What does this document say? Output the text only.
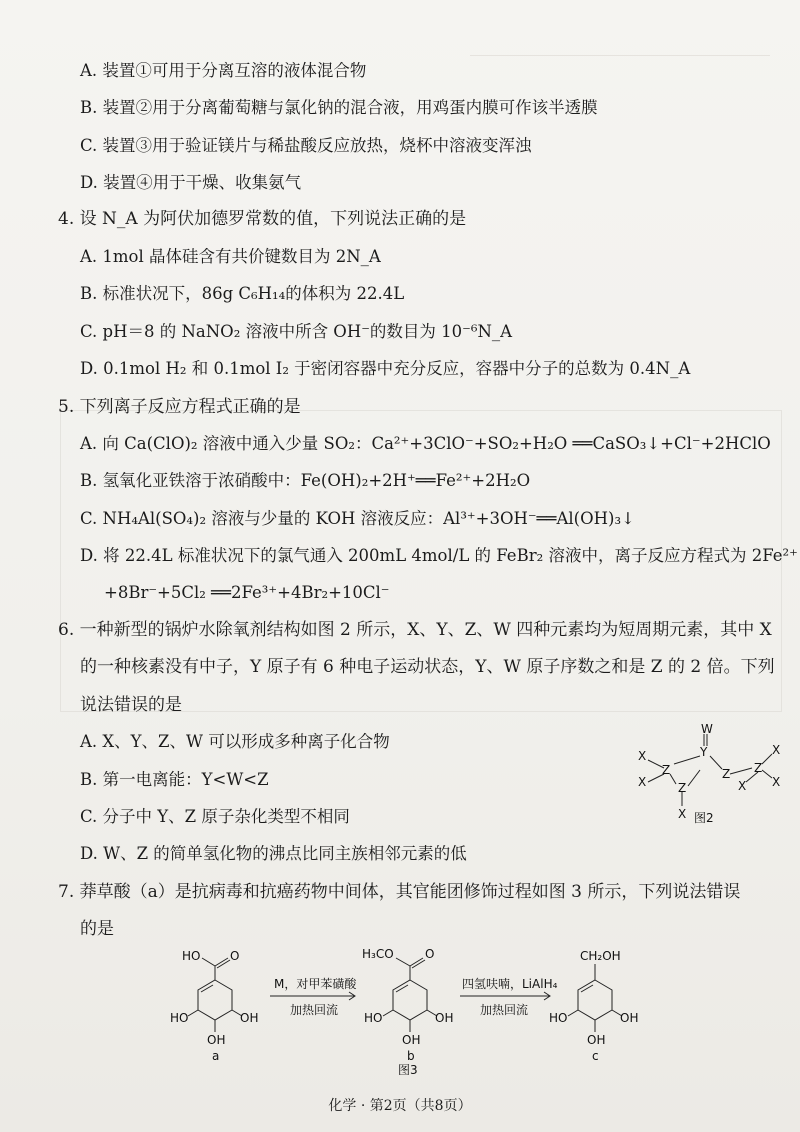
A. 装置①可用于分离互溶的液体混合物
B. 装置②用于分离葡萄糖与氯化钠的混合液，用鸡蛋内膜可作该半透膜
C. 装置③用于验证镁片与稀盐酸反应放热，烧杯中溶液变浑浊
D. 装置④用于干燥、收集氨气
4. 设 N_A 为阿伏加德罗常数的值，下列说法正确的是
A. 1mol 晶体硅含有共价键数目为 2N_A
B. 标准状况下，86g C₆H₁₄的体积为 22.4L
C. pH＝8 的 NaNO₂ 溶液中所含 OH⁻的数目为 10⁻⁶N_A
D. 0.1mol H₂ 和 0.1mol I₂ 于密闭容器中充分反应，容器中分子的总数为 0.4N_A
5. 下列离子反应方程式正确的是
A. 向 Ca(ClO)₂ 溶液中通入少量 SO₂：Ca²⁺+3ClO⁻+SO₂+H₂O ══CaSO₃↓+Cl⁻+2HClO
B. 氢氧化亚铁溶于浓硝酸中：Fe(OH)₂+2H⁺══Fe²⁺+2H₂O
C. NH₄Al(SO₄)₂ 溶液与少量的 KOH 溶液反应：Al³⁺+3OH⁻══Al(OH)₃↓
D. 将 22.4L 标准状况下的氯气通入 200mL 4mol/L 的 FeBr₂ 溶液中，离子反应方程式为 2Fe²⁺
+8Br⁻+5Cl₂ ══2Fe³⁺+4Br₂+10Cl⁻
6. 一种新型的锅炉水除氧剂结构如图 2 所示，X、Y、Z、W 四种元素均为短周期元素，其中 X
的一种核素没有中子，Y 原子有 6 种电子运动状态，Y、W 原子序数之和是 Z 的 2 倍。下列
说法错误的是
A. X、Y、Z、W 可以形成多种离子化合物
B. 第一电离能：Y<W<Z
C. 分子中 Y、Z 原子杂化类型不相同
D. W、Z 的简单氢化物的沸点比同主族相邻元素的低
W
Y
Z
Z
Z Z
X
X
X
X
X
X
图2
7. 莽草酸（a）是抗病毒和抗癌药物中间体，其官能团修饰过程如图 3 所示，下列说法错误
的是
HO O
HO	OH
OH
a
M，对甲苯磺酸
加热回流
H₃CO	O
HO	OH
OH
b
四氢呋喃，LiAlH₄
加热回流
CH₂OH
HO	OH
OH
c
图3
化学 · 第2页（共8页）
